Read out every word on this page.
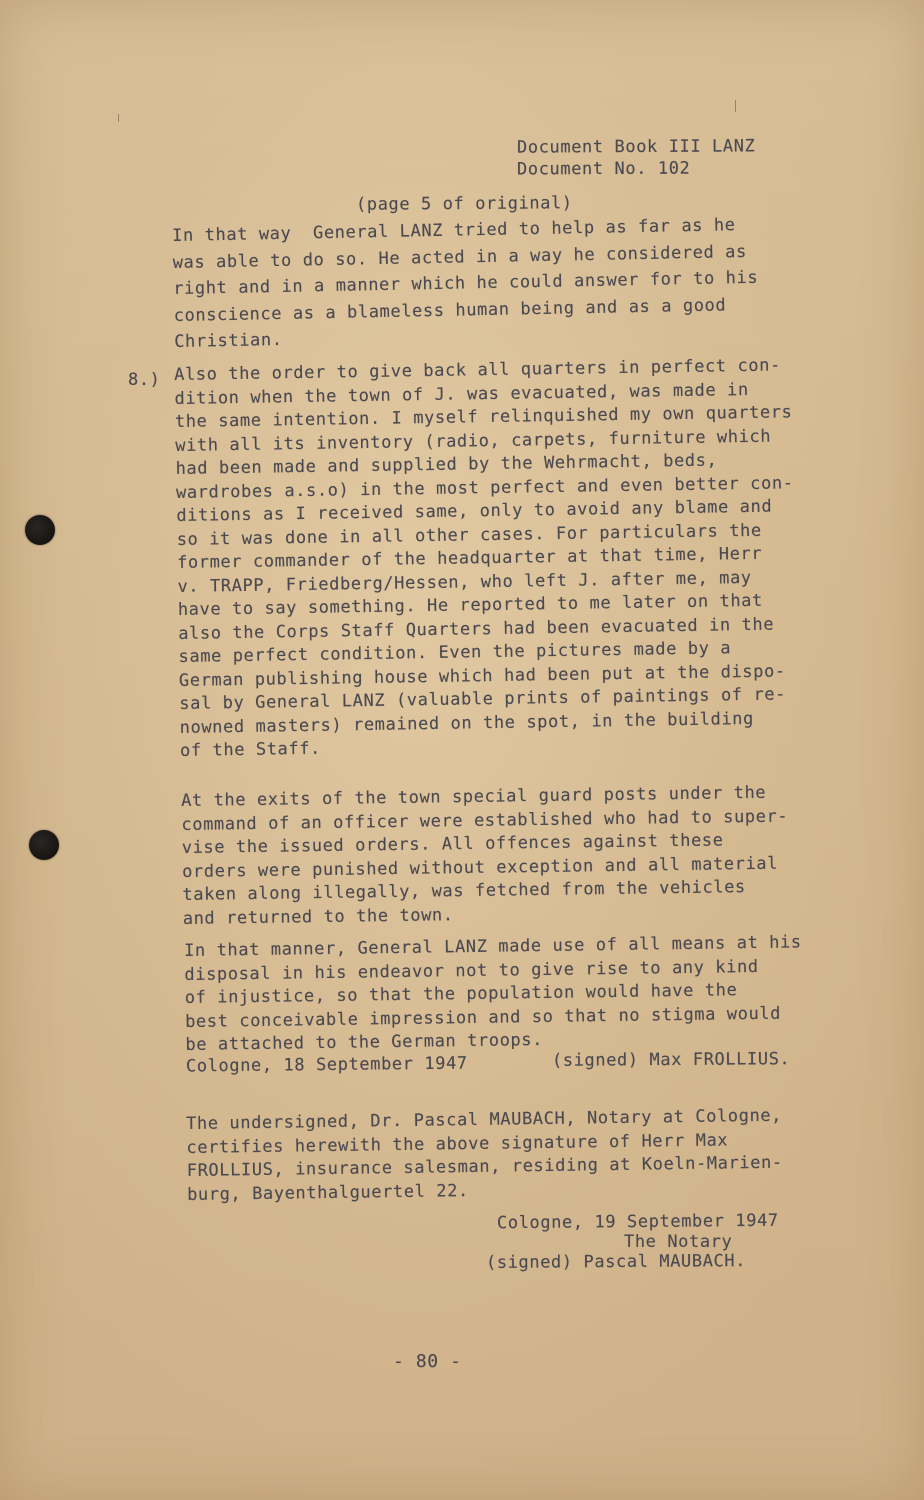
Document Book III LANZ

Document No. 102

(page 5 of original)

In that way  General LANZ tried to help as far as he

was able to do so. He acted in a way he considered as

right and in a manner which he could answer for to his

conscience as a blameless human being and as a good

Christian.

8.) Also the order to give back all quarters in perfect con-

dition when the town of J. was evacuated, was made in

the same intention. I myself relinquished my own quarters

with all its inventory (radio, carpets, furniture which

had been made and supplied by the Wehrmacht, beds,

wardrobes a.s.o) in the most perfect and even better con-

ditions as I received same, only to avoid any blame and

so it was done in all other cases. For particulars the

former commander of the headquarter at that time, Herr

v. TRAPP, Friedberg/Hessen, who left J. after me, may

have to say something. He reported to me later on that

also the Corps Staff Quarters had been evacuated in the

same perfect condition. Even the pictures made by a

German publishing house which had been put at the dispo-

sal by General LANZ (valuable prints of paintings of re-

nowned masters) remained on the spot, in the building

of the Staff.

At the exits of the town special guard posts under the

command of an officer were established who had to super-

vise the issued orders. All offences against these

orders were punished without exception and all material

taken along illegally, was fetched from the vehicles

and returned to the town.

In that manner, General LANZ made use of all means at his

disposal in his endeavor not to give rise to any kind

of injustice, so that the population would have the

best conceivable impression and so that no stigma would

be attached to the German troops.

Cologne, 18 September 1947	(signed) Max FROLLIUS.

The undersigned, Dr. Pascal MAUBACH, Notary at Cologne,

certifies herewith the above signature of Herr Max

FROLLIUS, insurance salesman, residing at Koeln-Marien-

burg, Bayenthalguertel 22.

Cologne, 19 September 1947

The Notary

(signed) Pascal MAUBACH.

- 80 -
